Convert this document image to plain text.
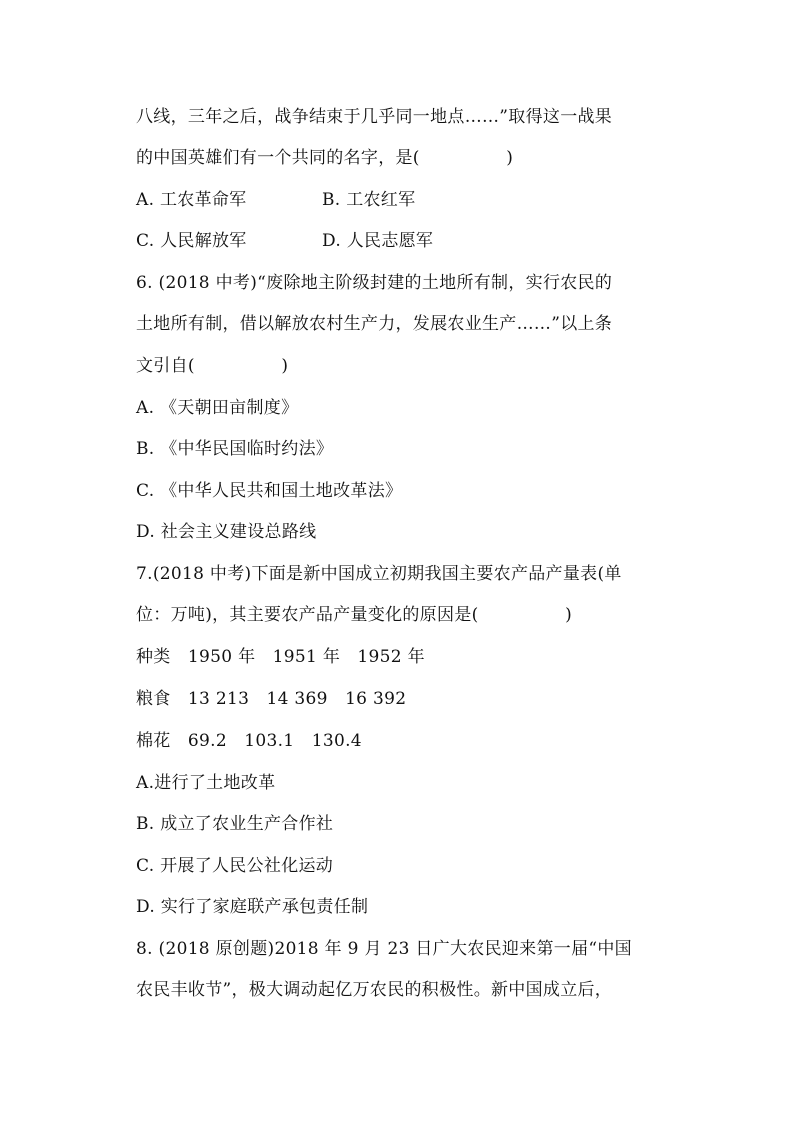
八线，三年之后，战争结束于几乎同一地点……”取得这一战果
的中国英雄们有一个共同的名字，是(　　　　　)
A. 工农革命军	B. 工农红军
C. 人民解放军	D. 人民志愿军
6. (2018 中考)“废除地主阶级封建的土地所有制，实行农民的
土地所有制，借以解放农村生产力，发展农业生产……”以上条
文引自(　　　　　)
A. 《天朝田亩制度》
B. 《中华民国临时约法》
C. 《中华人民共和国土地改革法》
D. 社会主义建设总路线
7.(2018 中考)下面是新中国成立初期我国主要农产品产量表(单
位：万吨)，其主要农产品产量变化的原因是(　　　　　)
种类　1950 年　1951 年　1952 年
粮食　13 213　14 369　16 392
棉花　69.2　103.1　130.4
A.进行了土地改革
B. 成立了农业生产合作社
C. 开展了人民公社化运动
D. 实行了家庭联产承包责任制
8. (2018 原创题)2018 年 9 月 23 日广大农民迎来第一届“中国
农民丰收节”，极大调动起亿万农民的积极性。新中国成立后，
